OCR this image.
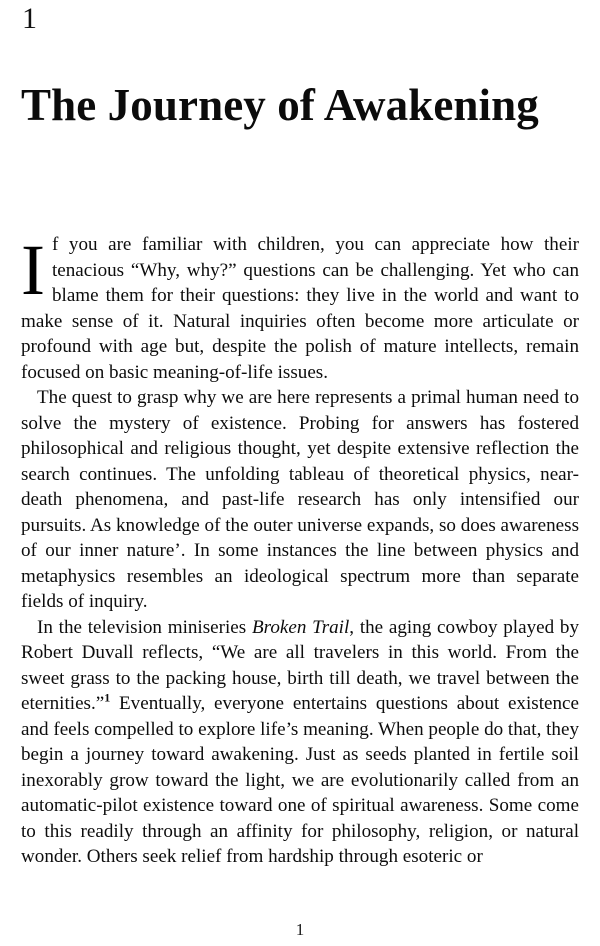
1
The Journey of Awakening

If you are familiar with children, you can appreciate how their tenacious “Why, why?” questions can be challenging. Yet who can blame them for their questions: they live in the world and want to make sense of it. Natural inquiries often become more articulate or profound with age but, despite the polish of mature intellects, remain focused on basic meaning-of-life issues.

The quest to grasp why we are here represents a primal human need to solve the mystery of existence. Probing for answers has fostered philosophical and religious thought, yet despite extensive reflection the search continues. The unfolding tableau of theoretical physics, near-death phenomena, and past-life research has only intensified our pursuits. As knowledge of the outer universe expands, so does awareness of our inner nature’. In some instances the line between physics and metaphysics resembles an ideological spectrum more than separate fields of inquiry.

In the television miniseries Broken Trail, the aging cowboy played by Robert Duvall reflects, “We are all travelers in this world. From the sweet grass to the packing house, birth till death, we travel between the eternities.”$^1$ Eventually, everyone entertains questions about existence and feels compelled to explore life’s meaning. When people do that, they begin a journey toward awakening. Just as seeds planted in fertile soil inexorably grow toward the light, we are evolutionarily called from an automatic-pilot existence toward one of spiritual awareness. Some come to this readily through an affinity for philosophy, religion, or natural wonder. Others seek relief from hardship through esoteric or

1
